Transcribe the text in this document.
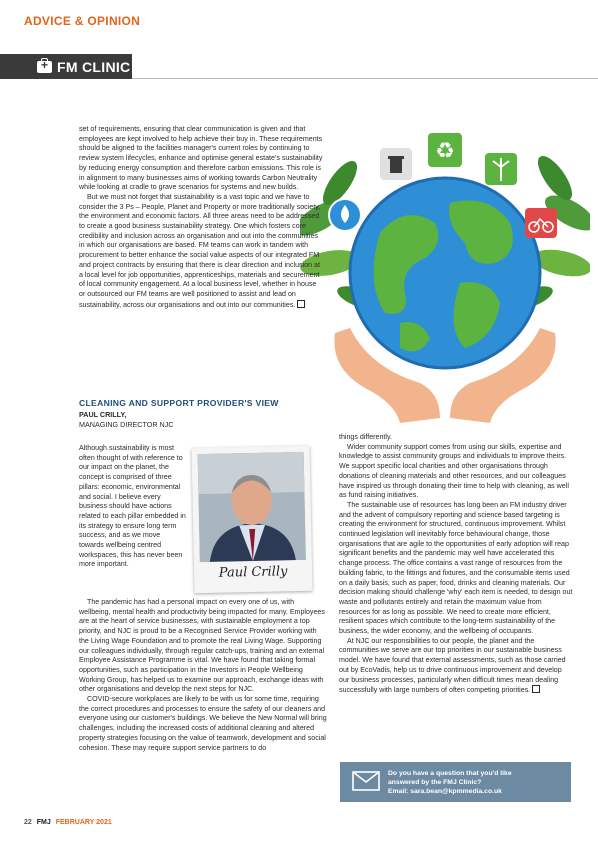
ADVICE & OPINION
+
FM CLINIC
♻

set of requirements, ensuring that clear communication is given and that employees are kept involved to help achieve their buy in. These requirements should be aligned to the facilities manager's current roles by continuing to review system lifecycles, enhance and optimise general estate's sustainability by reducing energy consumption and therefore carbon emissions. This role is in alignment to many businesses aims of working towards Carbon Neutrality while looking at cradle to grave scenarios for systems and new builds.

But we must not forget that sustainability is a vast topic and we have to consider the 3 Ps – People, Planet and Property or more traditionally society, the environment and economic factors. All three areas need to be addressed to create a good business sustainability strategy. One which fosters core credibility and inclusion across an organisation and out into the communities in which our organisations are based. FM teams can work in tandem with procurement to better enhance the social value aspects of our integrated FM and project contracts by ensuring that there is clear direction and inclusion at a local level for job opportunities, apprenticeships, materials and securement of local community engagement. At a local business level, whether in house or outsourced our FM teams are well positioned to assist and lead on sustainability, across our organisations and out into our communities.

CLEANING AND SUPPORT PROVIDER'S VIEW
PAUL CRILLY,
MANAGING DIRECTOR NJC

Although sustainability is most often thought of with reference to our impact on the planet, the concept is comprised of three pillars: economic, environmental and social. I believe every business should have actions related to each pillar embedded in its strategy to ensure long term success, and as we move towards wellbeing centred workspaces, this has never been more important.	Paul Crilly

The pandemic has had a personal impact on every one of us, with wellbeing, mental health and productivity being impacted for many. Employees are at the heart of service businesses, with sustainable employment a top priority, and NJC is proud to be a Recognised Service Provider working with the Living Wage Foundation and to promote the real Living Wage. Supporting our colleagues individually, through regular catch-ups, training and an external Employee Assistance Programme is vital. We have found that taking formal opportunities, such as participation in the Investors in People Wellbeing Working Group, has helped us to examine our approach, exchange ideas with other organisations and develop the next steps for NJC.

COVID-secure workplaces are likely to be with us for some time, requiring the correct procedures and processes to ensure the safety of our cleaners and everyone using our customer's buildings. We believe the New Normal will bring challenges, including the increased costs of additional cleaning and altered property strategies focusing on the value of teamwork, development and social cohesion. These may require support service partners to do

things differently.

Wider community support comes from using our skills, expertise and knowledge to assist community groups and individuals to improve theirs. We support specific local charities and other organisations through donations of cleaning materials and other resources, and our colleagues have inspired us through donating their time to help with cleaning, as well as fund raising initiatives.

The sustainable use of resources has long been an FM industry driver and the advent of compulsory reporting and science based targeting is creating the environment for structured, continuous improvement. Whilst continued legislation will inevitably force behavioural change, those organisations that are agile to the opportunities of early adoption will reap significant benefits and the pandemic may well have accelerated this change process. The office contains a vast range of resources from the building fabric, to the fittings and fixtures, and the consumable items used on a daily basis, such as paper, food, drinks and cleaning materials. Our decision making should challenge 'why' each item is needed, to design out waste and pollutants entirely and retain the maximum value from resources for as long as possible. We need to create more efficient, resilient spaces which contribute to the long-term sustainability of the business, the wider economy, and the wellbeing of occupants.

At NJC our responsibilities to our people, the planet and the communities we serve are our top priorities in our sustainable business model. We have found that external assessments, such as those carried out by EcoVadis, help us to drive continuous improvement and develop our business processes, particularly when difficult times mean dealing successfully with large numbers of often competing priorities.

Do you have a question that you'd like
answered by the FMJ Clinic?
Email: sara.bean@kpmmedia.co.uk
22 FMJ FEBRUARY 2021
